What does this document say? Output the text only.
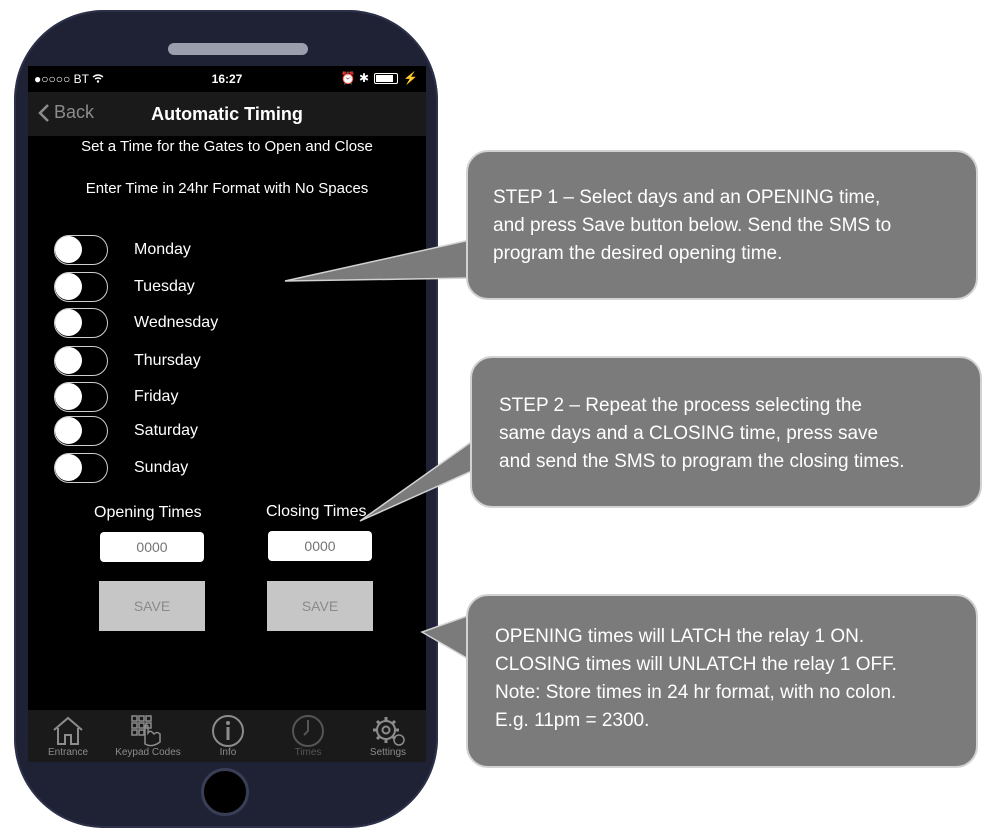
●○○○○ BT	16:27	⏰ ✱	⚡
Back	Automatic Timing
Set a Time for the Gates to Open and Close
Enter Time in 24hr Format with No Spaces
Monday
Tuesday
Wednesday
Thursday
Friday
Saturday
Sunday
Opening Times	Closing Times
0000
0000
SAVE	SAVE
Entrance	Keypad Codes	Info	Times	Settings
STEP 1 – Select days and an OPENING time,
and press Save button below. Send the SMS to
program the desired opening time.
STEP 2 – Repeat the process selecting the
same days and a CLOSING time, press save
and send the SMS to program the closing times.
OPENING times will LATCH the relay 1 ON.
CLOSING times will UNLATCH the relay 1 OFF.
Note: Store times in 24 hr format, with no colon.
E.g. 11pm = 2300.
